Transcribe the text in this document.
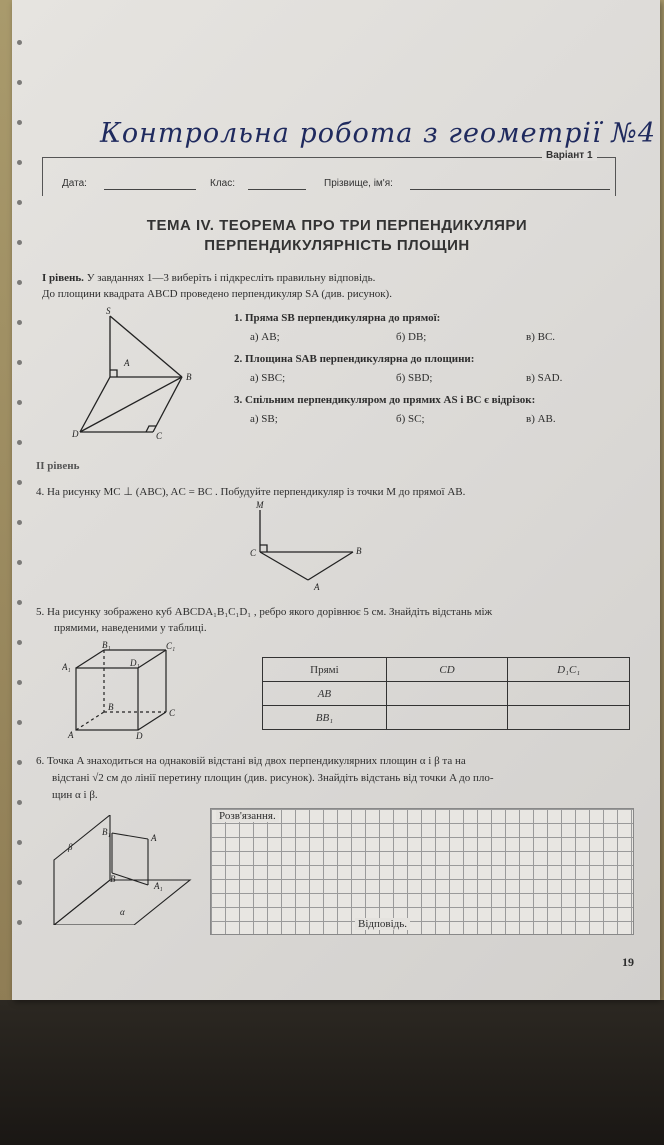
Контрольна робота з геометрії №4
Варіант 1
Дата:	Клас:	Прізвище, ім'я:
ТЕМА IV. ТЕОРЕМА ПРО ТРИ ПЕРПЕНДИКУЛЯРИ
ПЕРПЕНДИКУЛЯРНІСТЬ ПЛОЩИН
І рівень. У завданнях 1—3 виберіть і підкресліть правильну відповідь.
До площини квадрата ABCD проведено перпендикуляр SA (див. рисунок).
S
A
B
D	C
1. Пряма SB перпендикулярна до прямої:
а) AB;	б) DB;	в) BC.
2. Площина SAB перпендикулярна до площини:
а) SBC;	б) SBD;	в) SAD.
3. Спільним перпендикуляром до прямих AS і BC є відрізок:
а) SB;	б) SC;	в) AB.
ІІ рівень
4. На рисунку MC ⊥ (ABC), AC = BC . Побудуйте перпендикуляр із точки M до прямої AB.
M
C	B
A
5. На рисунку зображено куб ABCDA₁B₁C₁D₁ , ребро якого дорівнює 5 см. Знайдіть відстань між
прямими, наведеними у таблиці.
B₁	C₁
A₁	D₁
B
C
A	D
Прямі	CD	D₁C₁
AB		
BB₁		
6. Точка A знаходиться на однаковій відстані від двох перпендикулярних площин α і β та на
відстані √2 см до лінії перетину площин (див. рисунок). Знайдіть відстань від точки A до пло-
щин α і β.
β
B₁
A
B
A₁
α
Розв'язання.
Відповідь.
19
